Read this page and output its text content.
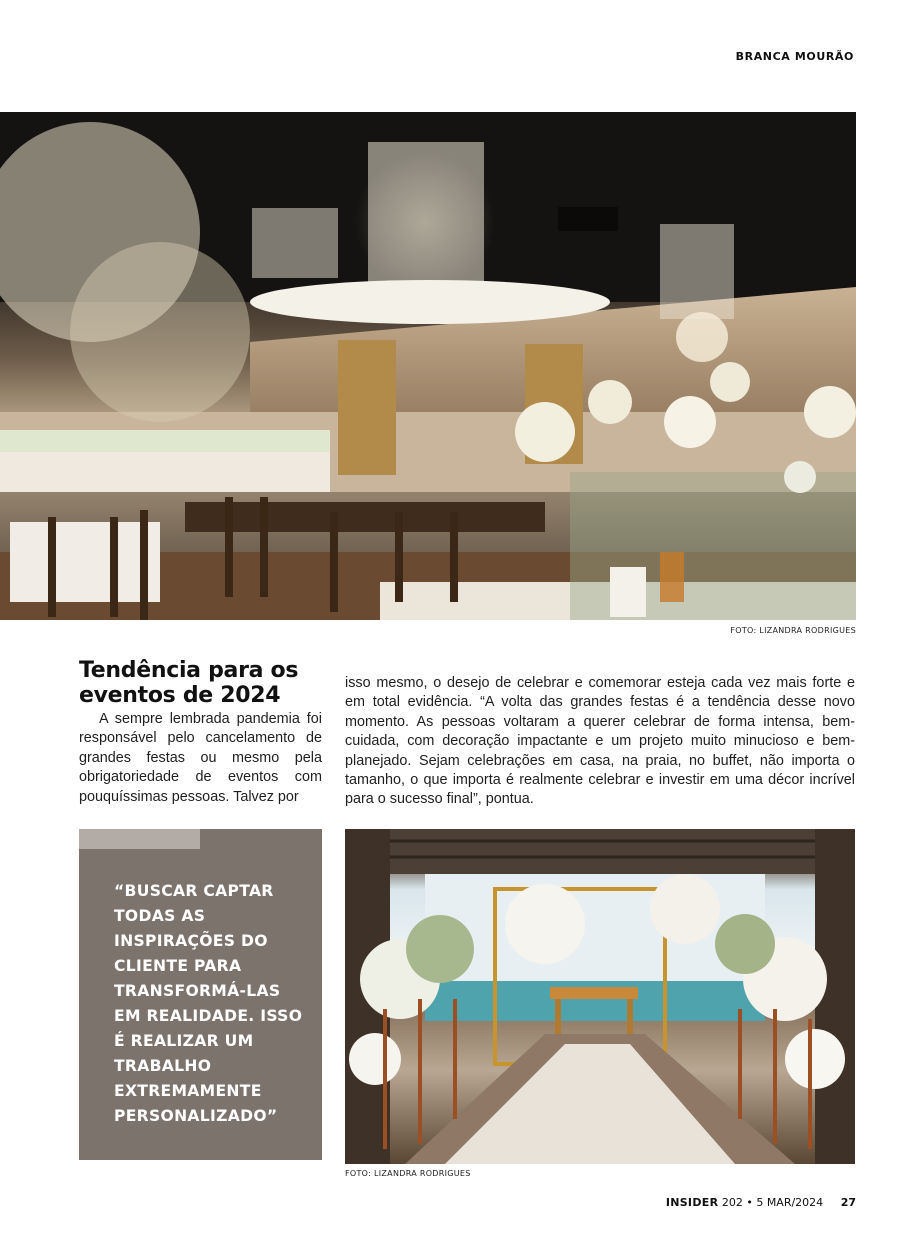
BRANCA MOURÃO
FOTO: LIZANDRA RODRIGUES
Tendência para os eventos de 2024

A sempre lembrada pandemia foi responsável pelo cancelamento de grandes festas ou mesmo pela obrigatoriedade de eventos com pouquíssimas pessoas. Talvez por

isso mesmo, o desejo de celebrar e comemorar esteja cada vez mais forte e em total evidência. “A volta das grandes festas é a tendência desse novo momento. As pessoas voltaram a querer celebrar de forma intensa, bem-cuidada, com decoração impactante e um projeto muito minucioso e bem-planejado. Sejam celebrações em casa, na praia, no buffet, não importa o tamanho, o que importa é realmente celebrar e investir em uma décor incrível para o sucesso final”, pontua.

“BUSCAR CAPTAR TODAS AS INSPIRAÇÕES DO CLIENTE PARA TRANSFORMÁ-LAS EM REALIDADE. ISSO É REALIZAR UM TRABALHO EXTREMAMENTE PERSONALIZADO”
FOTO: LIZANDRA RODRIGUES
INSIDER 202 • 5 MAR/2024 27
